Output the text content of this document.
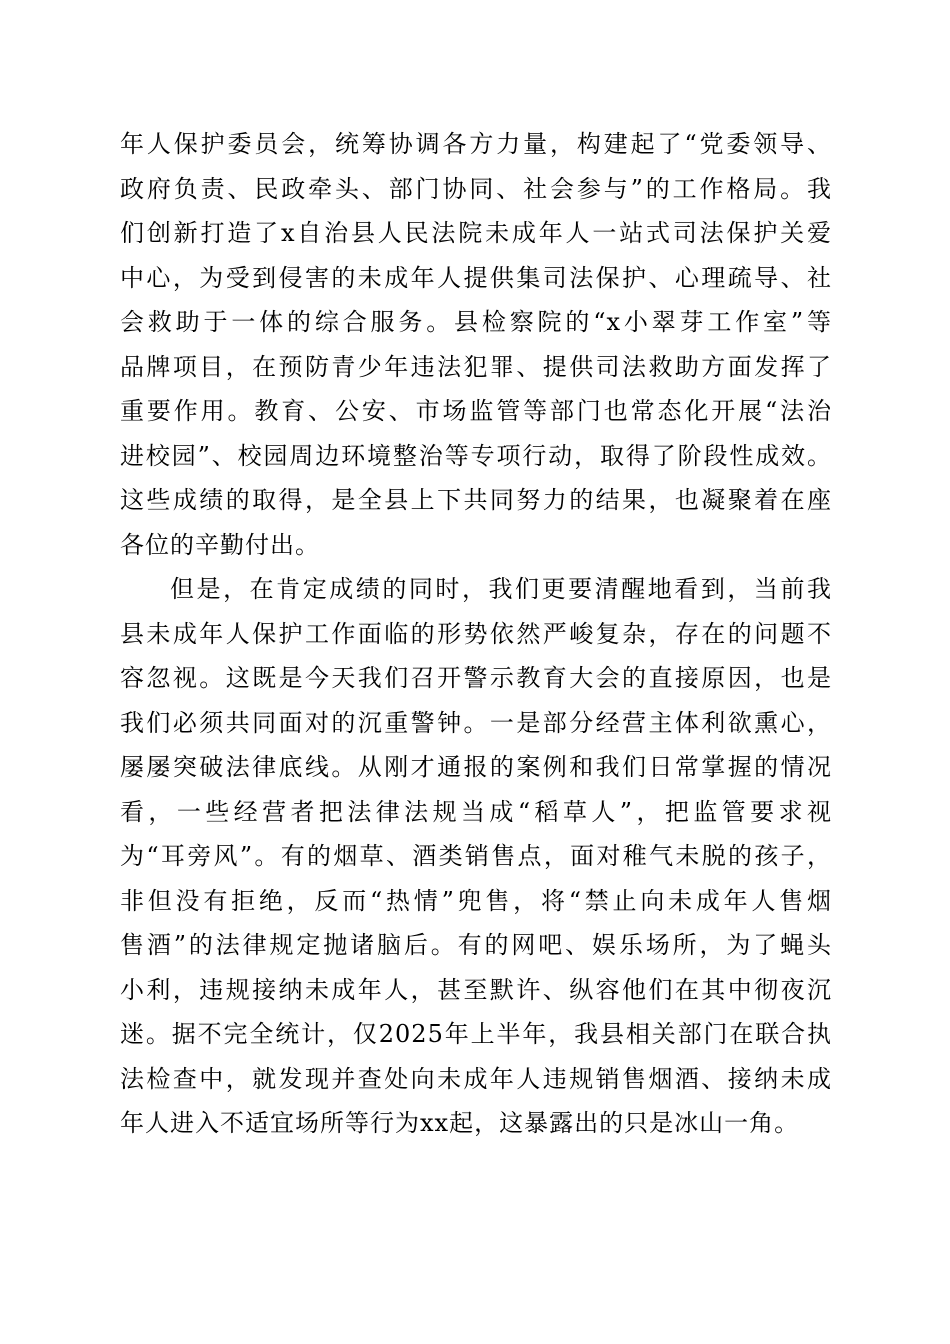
年人保护委员会，统筹协调各方力量，构建起了“党委领导、
政府负责、民政牵头、部门协同、社会参与”的工作格局。我
们创新打造了x自治县人民法院未成年人一站式司法保护关爱
中心，为受到侵害的未成年人提供集司法保护、心理疏导、社
会救助于一体的综合服务。县检察院的“x小翠芽工作室”等
品牌项目，在预防青少年违法犯罪、提供司法救助方面发挥了
重要作用。教育、公安、市场监管等部门也常态化开展“法治
进校园”、校园周边环境整治等专项行动，取得了阶段性成效。
这些成绩的取得，是全县上下共同努力的结果，也凝聚着在座
各位的辛勤付出。
但是，在肯定成绩的同时，我们更要清醒地看到，当前我
县未成年人保护工作面临的形势依然严峻复杂，存在的问题不
容忽视。这既是今天我们召开警示教育大会的直接原因，也是
我们必须共同面对的沉重警钟。一是部分经营主体利欲熏心，
屡屡突破法律底线。从刚才通报的案例和我们日常掌握的情况
看，一些经营者把法律法规当成“稻草人”，把监管要求视
为“耳旁风”。有的烟草、酒类销售点，面对稚气未脱的孩子，
非但没有拒绝，反而“热情”兜售，将“禁止向未成年人售烟
售酒”的法律规定抛诸脑后。有的网吧、娱乐场所，为了蝇头
小利，违规接纳未成年人，甚至默许、纵容他们在其中彻夜沉
迷。据不完全统计，仅2025年上半年，我县相关部门在联合执
法检查中，就发现并查处向未成年人违规销售烟酒、接纳未成
年人进入不适宜场所等行为xx起，这暴露出的只是冰山一角。
